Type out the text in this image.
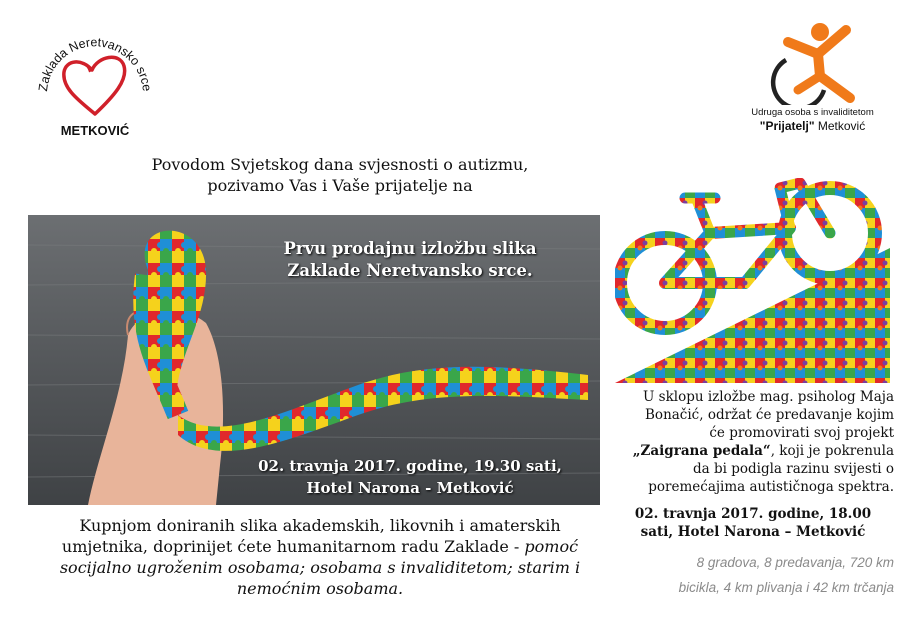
Zaklada Neretvansko srce
METKOVIĆ
Udruga osoba s invaliditetom
"Prijatelj" Metković
Povodom Svjetskog dana svjesnosti o autizmu,
pozivamo Vas i Vaše prijatelje na
Prvu prodajnu izložbu slika
Zaklade Neretvansko srce.
02. travnja 2017. godine, 19.30 sati,
Hotel Narona - Metković
Kupnjom doniranih slika akademskih, likovnih i amaterskih
umjetnika, doprinijet ćete humanitarnom radu Zaklade - pomoć
socijalno ugroženim osobama; osobama s invaliditetom; starim i
nemoćnim osobama.
U sklopu izložbe mag. psiholog Maja
Bonačić, održat će predavanje kojim
će promovirati svoj projekt
„Zaigrana pedala“, koji je pokrenula
da bi podigla razinu svijesti o
poremećajima autističnoga spektra.
02. travnja 2017. godine, 18.00
sati, Hotel Narona – Metković
8 gradova, 8 predavanja, 720 km
bicikla, 4 km plivanja i 42 km trčanja
